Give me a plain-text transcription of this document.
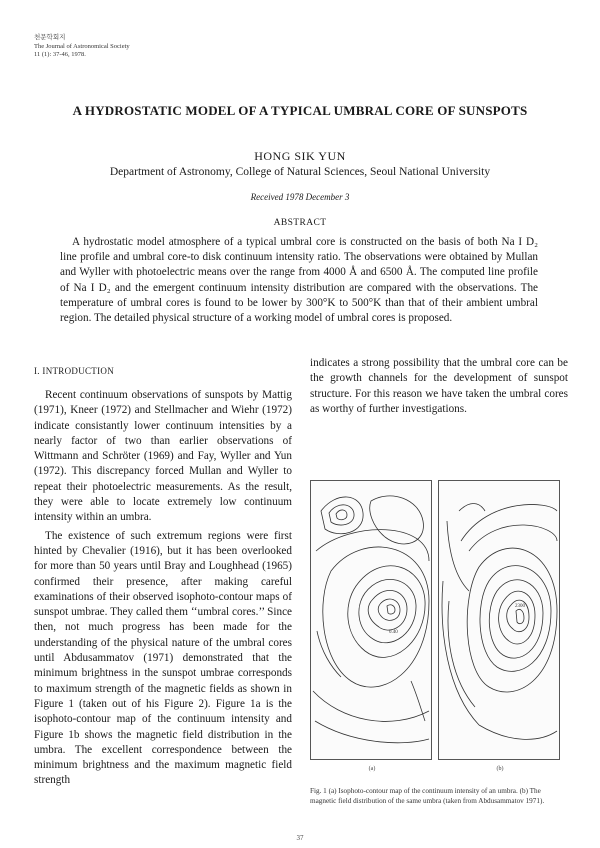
천문학회지
The Journal of Astronomical Society
11 (1): 37-46, 1978.
A HYDROSTATIC MODEL OF A TYPICAL UMBRAL CORE OF SUNSPOTS
HONG SIK YUN
Department of Astronomy, College of Natural Sciences, Seoul National University
Received 1978 December 3
ABSTRACT
A hydrostatic model atmosphere of a typical umbral core is constructed on the basis of both Na I D₂ line profile and umbral core-to disk continuum intensity ratio. The observations were obtained by Mullan and Wyller with photoelectric means over the range from 4000 Å and 6500 Å. The computed line profile of Na I D₂ and the emergent continuum intensity distribution are compared with the observations. The temperature of umbral cores is found to be lower by 300°K to 500°K than that of their ambient umbral region. The detailed physical structure of a working model of umbral cores is proposed.
I. INTRODUCTION

Recent continuum observations of sunspots by Mattig (1971), Kneer (1972) and Stellmacher and Wiehr (1972) indicate consistantly lower continuum intensities by a nearly factor of two than earlier observations of Wittmann and Schröter (1969) and Fay, Wyller and Yun (1972). This discrepancy forced Mullan and Wyller to repeat their photoelectric measurements. As the result, they were able to locate extremely low continuum intensity within an umbra.

The existence of such extremum regions were first hinted by Chevalier (1916), but it has been overlooked for more than 50 years until Bray and Loughhead (1965) confirmed their presence, after making careful examinations of their observed isophoto-contour maps of sunspot umbrae. They called them ‘‘umbral cores.’’ Since then, not much progress has been made for the understanding of the physical nature of the umbral cores until Abdusammatov (1971) demonstrated that the minimum brightness in the sunspot umbrae corresponds to maximum strength of the magnetic fields as shown in Figure 1 (taken out of his Figure 2). Figure 1a is the isophoto-contour map of the continuum intensity and Figure 1b shows the magnetic field distribution in the umbra. The excellent correspondence between the minimum brightness and the maximum magnetic field strength

indicates a strong possibility that the umbral core can be the growth channels for the development of sunspot structure. For this reason we have taken the umbral cores as worthy of further investigations.

0.40
2300
(a)	(b)
Fig. 1 (a) Isophoto-contour map of the continuum intensity of an umbra. (b) The magnetic field distribution of the same umbra (taken from Abdusammatov 1971).
37
